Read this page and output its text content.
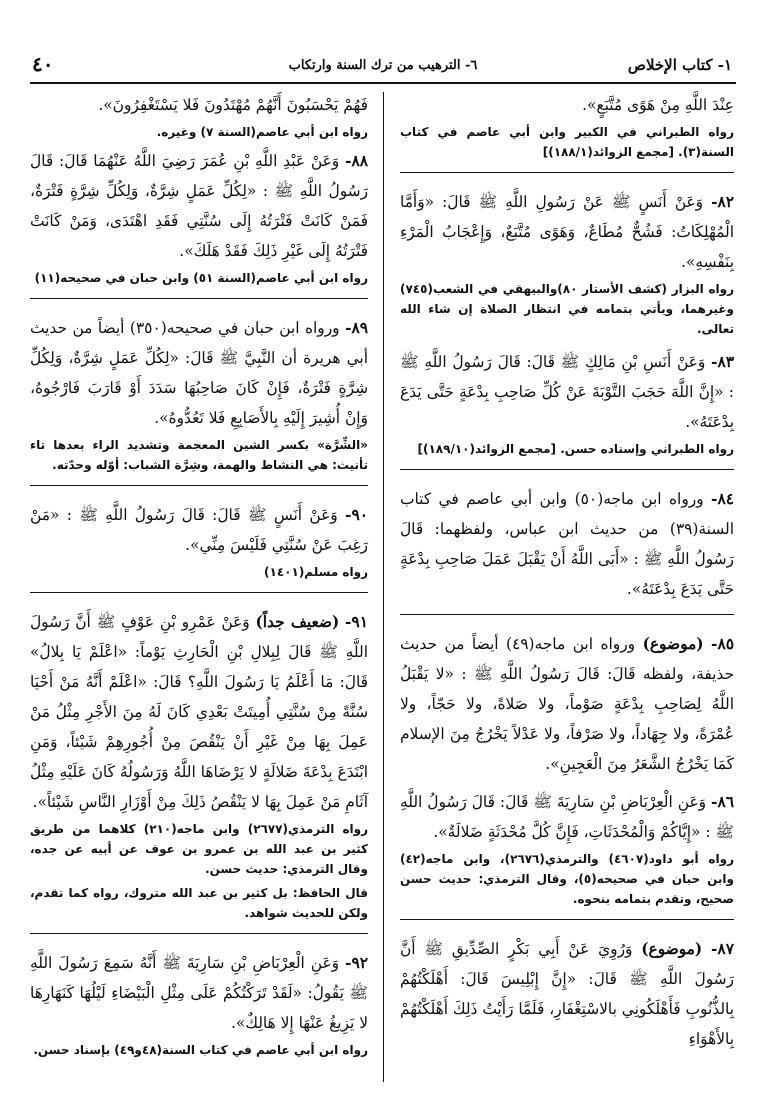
١- كتاب الإخلاص
٦- الترهيب من ترك السنة وارتكاب
٤٠

عِنْدَ اللَّهِ مِنْ هَوًى مُتَّبَعٍ».

رواه الطبراني في الكبير وابن أبي عاصم في كتاب السنة(٣). [مجمع الزوائد(١٨٨/١)]

٨٢- وَعَنْ أَنَسٍ ﷺ عَنْ رَسُولِ اللَّهِ ﷺ قَالَ: «وَأَمَّا الْمُهْلِكَاتُ: فَشُحٌّ مُطَاعٌ، وَهَوًى مُتَّبَعٌ، وَإِعْجَابُ الْمَرْءِ بِنَفْسِهِ».

رواه البزار (كشف الأستار ٨٠)والبيهقي في الشعب(٧٤٥) وغيرهما، ويأتي بتمامه في انتظار الصلاة إن شاء الله تعالى.

٨٣- وَعَنْ أَنَسِ بْنِ مَالِكٍ ﷺ قَالَ: قَالَ رَسُولُ اللَّهِ ﷺ : «إِنَّ اللَّهَ حَجَبَ التَّوْبَةَ عَنْ كُلِّ صَاحِبِ بِدْعَةٍ حَتَّى يَدَعَ بِدْعَتَهُ».

رواه الطبراني وإسناده حسن. [مجمع الزوائد(١٨٩/١٠)]

٨٤- ورواه ابن ماجه(٥٠) وابن أبي عاصم في كتاب السنة(٣٩) من حديث ابن عباس، ولفظهما: قَالَ رَسُولُ اللَّهِ ﷺ : «أَبَى اللَّهُ أَنْ يَقْبَلَ عَمَلَ صَاحِبِ بِدْعَةٍ حَتَّى يَدَعَ بِدْعَتَهُ».

٨٥- (موضوع) ورواه ابن ماجه(٤٩) أيضاً من حديث حذيفة، ولفظه قَالَ: قَالَ رَسُولُ اللَّهِ ﷺ : «لا يَقْبَلُ اللَّهُ لِصَاحِبِ بِدْعَةٍ صَوْماً، ولا صَلاةً، ولا حَجّاً، ولا عُمْرَةً، ولا جِهَاداً، ولا صَرْفاً، ولا عَدْلاً يَخْرُجُ مِنَ الإسلام كَمَا يَخْرُجُ الشَّعَرُ مِنَ الْعَجِينِ».

٨٦- وَعَنِ الْعِرْبَاضِ بْنِ سَارِيَةَ ﷺ قَالَ: قَالَ رَسُولُ اللَّهِ ﷺ : «إِيَّاكُمْ وَالْمُحْدَثَاتِ، فَإِنَّ كُلَّ مُحْدَثَةٍ ضَلالَةٌ».

رواه أبو داود(٤٦٠٧) والترمذي(٢٦٧٦)، وابن ماجه(٤٢) وابن حبان في صحيحه(٥)، وقال الترمذي: حديث حسن صحيح، وتقدم بتمامه بنحوه.

٨٧- (موضوع) وَرُوِيَ عَنْ أَبِي بَكْرٍ الصِّدِّيقِ ﷺ أَنَّ رَسُولَ اللَّهِ ﷺ قَالَ: «إِنَّ إِبْلِيسَ قَالَ: أَهْلَكْتُهُمْ بِالذُّنُوبِ فَأَهْلَكُونِي بالاسْتِغْفَارِ، فَلَمَّا رَأَيْتُ ذَلِكَ أَهْلَكْتُهُمْ بِالأَهْوَاءِ

فَهُمْ يَحْسَبُونَ أَنَّهُمْ مُهْتَدُونَ فَلا يَسْتَغْفِرُونَ».

رواه ابن أبي عاصم(السنة ٧) وغيره.

٨٨- وَعَنْ عَبْدِ اللَّهِ بْنِ عُمَرَ رَضِيَ اللَّهُ عَنْهُمَا قَالَ: قَالَ رَسُولُ اللَّهِ ﷺ : «لِكُلِّ عَمَلٍ شِرَّةٌ، وَلِكُلِّ شِرَّةٍ فَتْرَةٌ، فَمَنْ كَانَتْ فَتْرَتُهُ إِلَى سُنَّتِي فَقَدِ اهْتَدَى، وَمَنْ كَانَتْ فَتْرَتُهُ إِلَى غَيْرِ ذَلِكَ فَقَدْ هَلَكَ».

رواه ابن أبي عاصم(السنة ٥١) وابن حبان في صحيحه(١١)

٨٩- ورواه ابن حبان في صحيحه(٣٥٠) أيضاً من حديث أبي هريرة أن النَّبِيَّ ﷺ قَالَ: «لِكُلِّ عَمَلٍ شِرَّةٌ، وَلِكُلِّ شِرَّةٍ فَتْرَةٌ، فَإِنْ كَانَ صَاحِبُهَا سَدَدَ أَوْ قَارَبَ فَارْجُوهُ، وَإِنْ أُشِيرَ إِلَيْهِ بِالأَصَابِعِ فَلا تَعُدُّوهُ».

«الشِّرَّة» بكسر الشين المعجمة وتشديد الراء بعدها تاء تأنيث: هي النشاط والهمة، وشِرَّة الشباب: أوّله وحدّته.

٩٠- وَعَنْ أَنَسٍ ﷺ قَالَ: قَالَ رَسُولُ اللَّهِ ﷺ : «مَنْ رَغِبَ عَنْ سُنَّتِي فَلَيْسَ مِنِّي».

رواه مسلم(١٤٠١)

٩١- (ضعيف جداً) وَعَنْ عَمْرِو بْنِ عَوْفٍ ﷺ أَنَّ رَسُولَ اللَّهِ ﷺ قَالَ لِبِلالِ بْنِ الْحَارِثِ يَوْماً: «اعْلَمْ يَا بِلالُ» قَالَ: مَا أَعْلَمُ يَا رَسُولَ اللَّهِ؟ قَالَ: «اعْلَمْ أَنَّهُ مَنْ أَحْيَا سُنَّةً مِنْ سُنَّتِي أُمِيتَتْ بَعْدِي كَانَ لَهُ مِنَ الأَجْرِ مِثْلُ مَنْ عَمِلَ بِهَا مِنْ غَيْرِ أَنْ يَنْقُصَ مِنْ أُجُورِهِمْ شَيْئاً، وَمَنِ ابْتَدَعَ بِدْعَةَ ضَلالَةٍ لا يَرْضَاهَا اللَّهُ وَرَسُولُهُ كَانَ عَلَيْهِ مِثْلُ آثَامِ مَنْ عَمِلَ بِهَا لا يَنْقُصُ ذَلِكَ مِنْ أَوْزَارِ النَّاسِ شَيْئاً».

رواه الترمذي(٢٦٧٧) وابن ماجه(٢١٠) كلاهما من طريق كثير بن عبد الله بن عمرو بن عوف عن أبيه عن جده، وقال الترمذي: حديث حسن.

قال الحافظ: بل كثير بن عبد الله متروك، رواه كما تقدم، ولكن للحديث شواهد.

٩٢- وَعَنِ الْعِرْبَاضِ بْنِ سَارِيَةَ ﷺ أَنَّهُ سَمِعَ رَسُولَ اللَّهِ ﷺ يَقُولُ: «لَقَدْ تَرَكْتُكُمْ عَلَى مِثْلِ الْبَيْضَاءِ لَيْلُهَا كَنَهَارِهَا لا يَزِيغُ عَنْهَا إِلا هَالِكٌ».

رواه ابن أبي عاصم في كتاب السنة(٤٨و٤٩) بإسناد حسن.
